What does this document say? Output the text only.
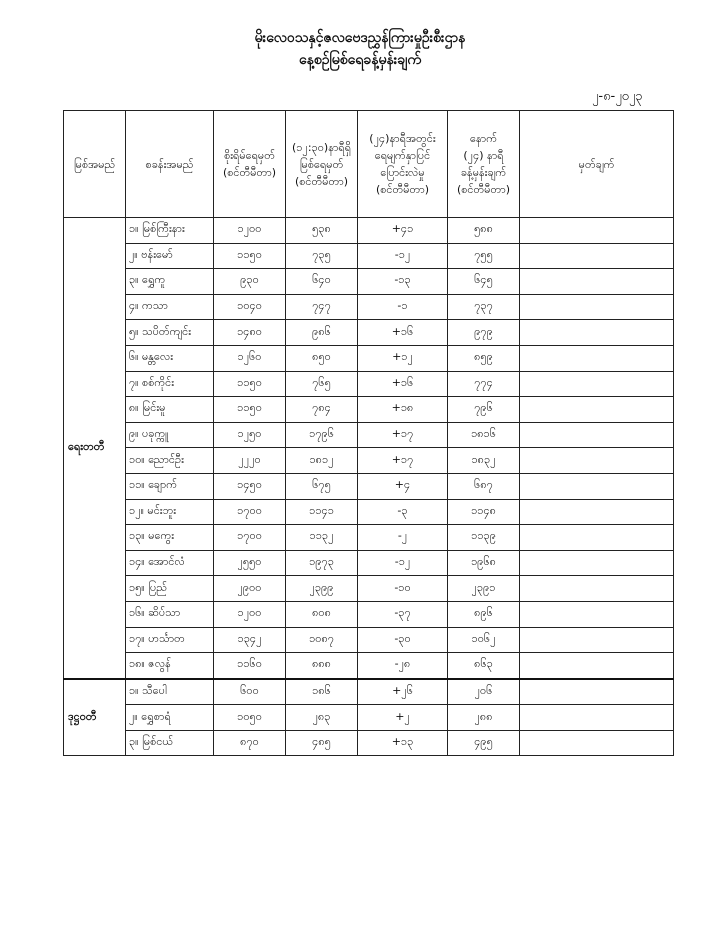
မိုးလေဝသနှင့်ဇလဗေဒညွှန်ကြားမှုဦးစီးဌာန
နေ့စဉ်မြစ်ရေခန့်မှန်းချက်
၂-၈-၂၀၂၃
မြစ်အမည်	စခန်းအမည်	စိုးရိမ်ရေမှတ်
(စင်တီမီတာ)	(၁၂:၃၀)နာရီရှိ
မြစ်ရေမှတ်
(စင်တီမီတာ)	(၂၄)နာရီအတွင်း
ရေမျက်နှာပြင်
ပြောင်းလဲမှု
(စင်တီမီတာ)	နောက်
(၂၄) နာရီ
ခန့်မှန်းချက်
(စင်တီမီတာ)	မှတ်ချက်
ရေးတတီ	၁။ မြစ်ကြီးနား	၁၂၀၀	၅၃၈	+၄၁	၅၈၈	
	၂။ ဗန်းမော်	၁၁၅၀	၇၃၅	-၁၂	၇၅၅	
	၃။ ရွှေကူ	၉၃၀	၆၄၀	-၁၃	၆၄၅	
	၄။ ကသာ	၁၀၄၀	၇၄၇	-၁	၇၃၇	
	၅။ သပိတ်ကျင်း	၁၄၈၀	၉၈၆	+၁၆	၉၇၉	
	၆။ မန္တလေး	၁၂၆၀	၈၅၀	+၁၂	၈၅၉	
	၇။ စစ်ကိုင်း	၁၁၅၀	၇၆၅	+၁၆	၇၇၄	
	၈။ မြင်းမူ	၁၁၅၀	၇၈၄	+၁၈	၇၉၆	
	၉။ ပခုက္ကူ	၁၂၅၀	၁၇၉၆	+၁၇	၁၈၁၆	
	၁၀။ ညောင်ဦး	၂၂၂၀	၁၈၁၂	+၁၇	၁၈၃၂	
	၁၁။ ချောက်	၁၄၅၀	၆၇၅	+၄	၆၈၇	
	၁၂။ မင်းဘူး	၁၇၀၀	၁၁၄၁	-၃	၁၁၄၈	
	၁၃။ မကွေး	၁၇၀၀	၁၁၃၂	-၂	၁၁၃၉	
	၁၄။ အောင်လံ	၂၅၅၀	၁၉၇၃	-၁၂	၁၉၆၈	
	၁၅။ ပြည်	၂၉၀၀	၂၃၉၉	-၁၀	၂၃၉၁	
	၁၆။ ဆိပ်သာ	၁၂၀၀	၈၀၈	-၃၇	၈၉၆	
	၁၇။ ဟင်္သာတ	၁၃၄၂	၁၀၈၇	-၃၀	၁၀၆၂	
	၁၈။ ဇလွန်	၁၁၆၀	၈၈၈	-၂၈	၈၆၃	
ဒုဋ္ဌဝတီ	၁။ သီပေါ	၆၀၀	၁၈၆	+၂၆	၂၀၆	
	၂။ ရွှေစာရံ	၁၀၅၀	၂၈၃	+၂	၂၈၈	
	၃။ မြစ်ငယ်	၈၇၀	၄၈၅	+၁၃	၄၉၅	
